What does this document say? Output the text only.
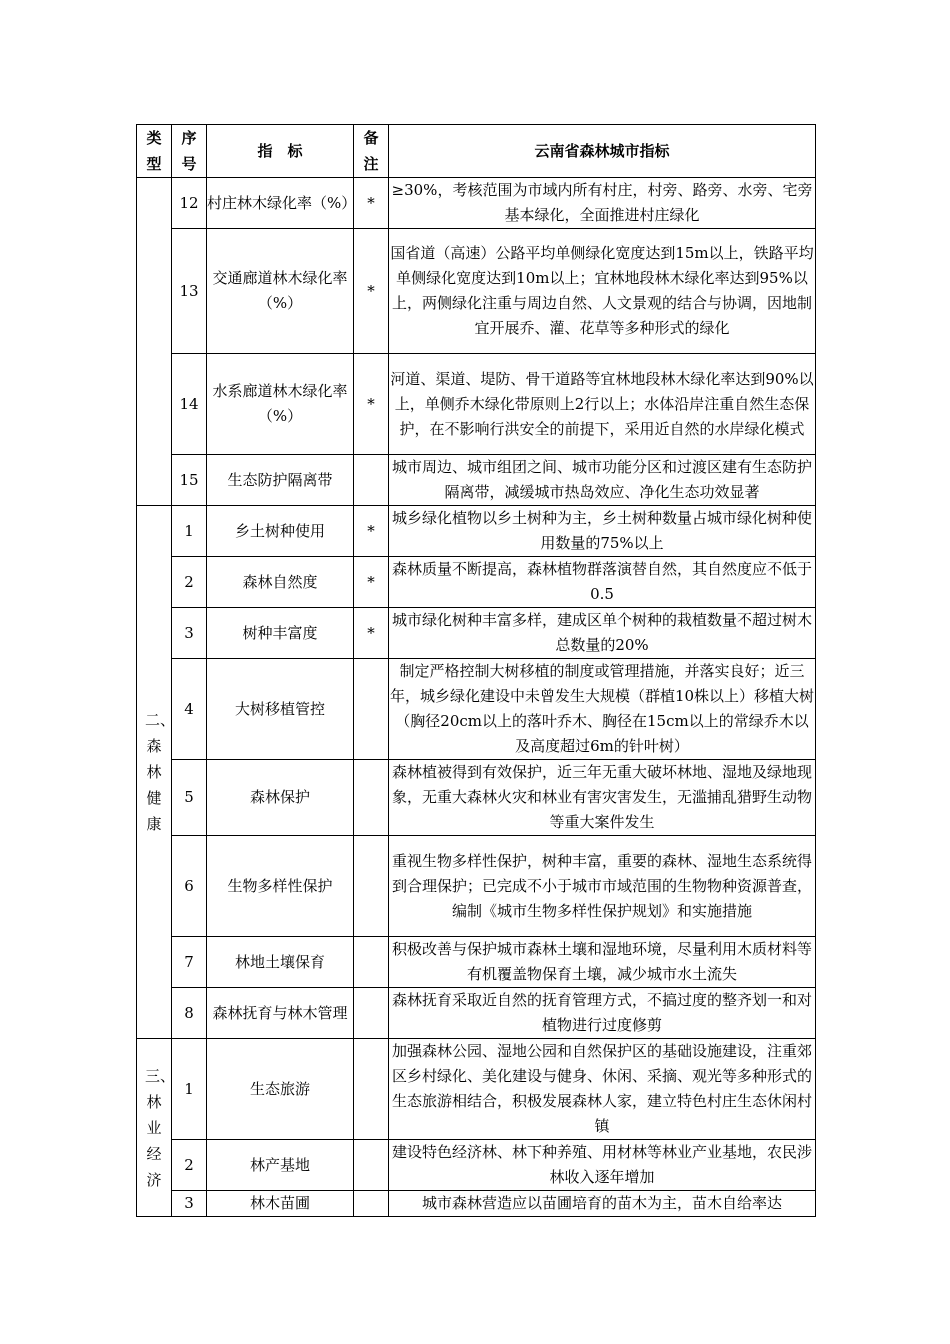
类型	序号	指　标	备注	云南省森林城市指标
	12	村庄林木绿化率（%）	*	≥30%，考核范围为市域内所有村庄，村旁、路旁、水旁、宅旁基本绿化，全面推进村庄绿化
	13	交通廊道林木绿化率（%）	*	国省道（高速）公路平均单侧绿化宽度达到15m以上，铁路平均单侧绿化宽度达到10m以上；宜林地段林木绿化率达到95%以上，两侧绿化注重与周边自然、人文景观的结合与协调，因地制宜开展乔、灌、花草等多种形式的绿化
	14	水系廊道林木绿化率（%）	*	河道、渠道、堤防、骨干道路等宜林地段林木绿化率达到90%以上，单侧乔木绿化带原则上2行以上；水体沿岸注重自然生态保护，在不影响行洪安全的前提下，采用近自然的水岸绿化模式
	15	生态防护隔离带		城市周边、城市组团之间、城市功能分区和过渡区建有生态防护隔离带，减缓城市热岛效应、净化生态功效显著
二、森林健康	1	乡土树种使用	*	城乡绿化植物以乡土树种为主，乡土树种数量占城市绿化树种使用数量的75%以上
	2	森林自然度	*	森林质量不断提高，森林植物群落演替自然，其自然度应不低于0.5
	3	树种丰富度	*	城市绿化树种丰富多样，建成区单个树种的栽植数量不超过树木总数量的20%
	4	大树移植管控		制定严格控制大树移植的制度或管理措施，并落实良好；近三年，城乡绿化建设中未曾发生大规模（群植10株以上）移植大树（胸径20cm以上的落叶乔木、胸径在15cm以上的常绿乔木以及高度超过6m的针叶树）
	5	森林保护		森林植被得到有效保护，近三年无重大破坏林地、湿地及绿地现象，无重大森林火灾和林业有害灾害发生，无滥捕乱猎野生动物等重大案件发生
	6	生物多样性保护		重视生物多样性保护，树种丰富，重要的森林、湿地生态系统得到合理保护；已完成不小于城市市域范围的生物物种资源普查，编制《城市生物多样性保护规划》和实施措施
	7	林地土壤保育		积极改善与保护城市森林土壤和湿地环境，尽量利用木质材料等有机覆盖物保育土壤，减少城市水土流失
	8	森林抚育与林木管理		森林抚育采取近自然的抚育管理方式，不搞过度的整齐划一和对植物进行过度修剪
三、林业经济	1	生态旅游		加强森林公园、湿地公园和自然保护区的基础设施建设，注重郊区乡村绿化、美化建设与健身、休闲、采摘、观光等多种形式的生态旅游相结合，积极发展森林人家，建立特色村庄生态休闲村镇
	2	林产基地		建设特色经济林、林下种养殖、用材林等林业产业基地，农民涉林收入逐年增加
	3	林木苗圃		城市森林营造应以苗圃培育的苗木为主，苗木自给率达
